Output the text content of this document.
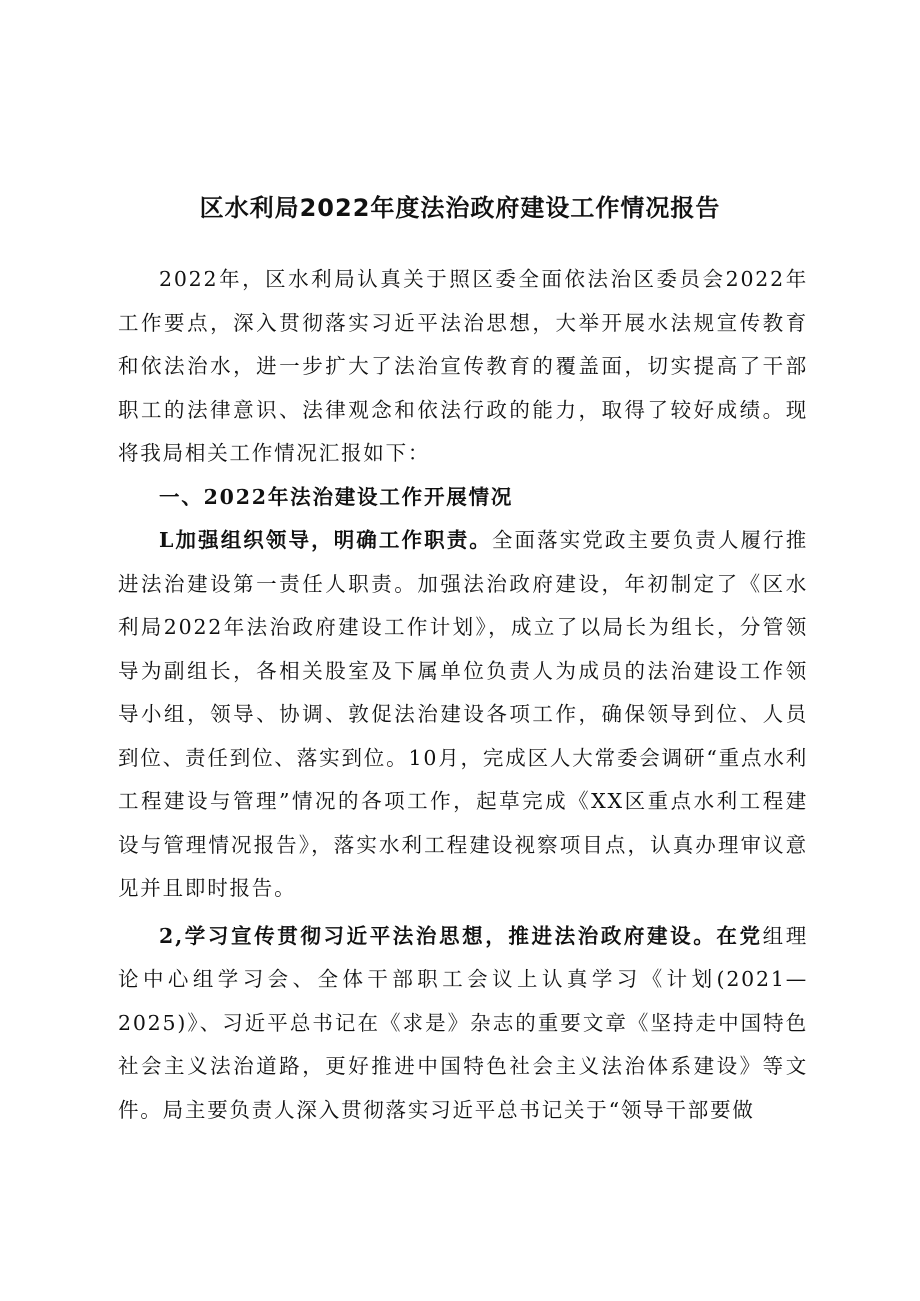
区水利局2022年度法治政府建设工作情况报告

2022年，区水利局认真关于照区委全面依法治区委员会2022年工作要点，深入贯彻落实习近平法治思想，大举开展水法规宣传教育和依法治水，进一步扩大了法治宣传教育的覆盖面，切实提高了干部职工的法律意识、法律观念和依法行政的能力，取得了较好成绩。现将我局相关工作情况汇报如下：

一、2022年法治建设工作开展情况

L加强组织领导，明确工作职责。全面落实党政主要负责人履行推进法治建设第一责任人职责。加强法治政府建设，年初制定了《区水利局2022年法治政府建设工作计划》，成立了以局长为组长，分管领导为副组长，各相关股室及下属单位负责人为成员的法治建设工作领导小组，领导、协调、敦促法治建设各项工作，确保领导到位、人员到位、责任到位、落实到位。10月，完成区人大常委会调研“重点水利工程建设与管理”情况的各项工作，起草完成《XX区重点水利工程建设与管理情况报告》，落实水利工程建设视察项目点，认真办理审议意见并且即时报告。

2,学习宣传贯彻习近平法治思想，推进法治政府建设。在党组理论中心组学习会、全体干部职工会议上认真学习《计划(2021—2025)》、习近平总书记在《求是》杂志的重要文章《坚持走中国特色社会主义法治道路，更好推进中国特色社会主义法治体系建设》等文件。局主要负责人深入贯彻落实习近平总书记关于“领导干部要做
